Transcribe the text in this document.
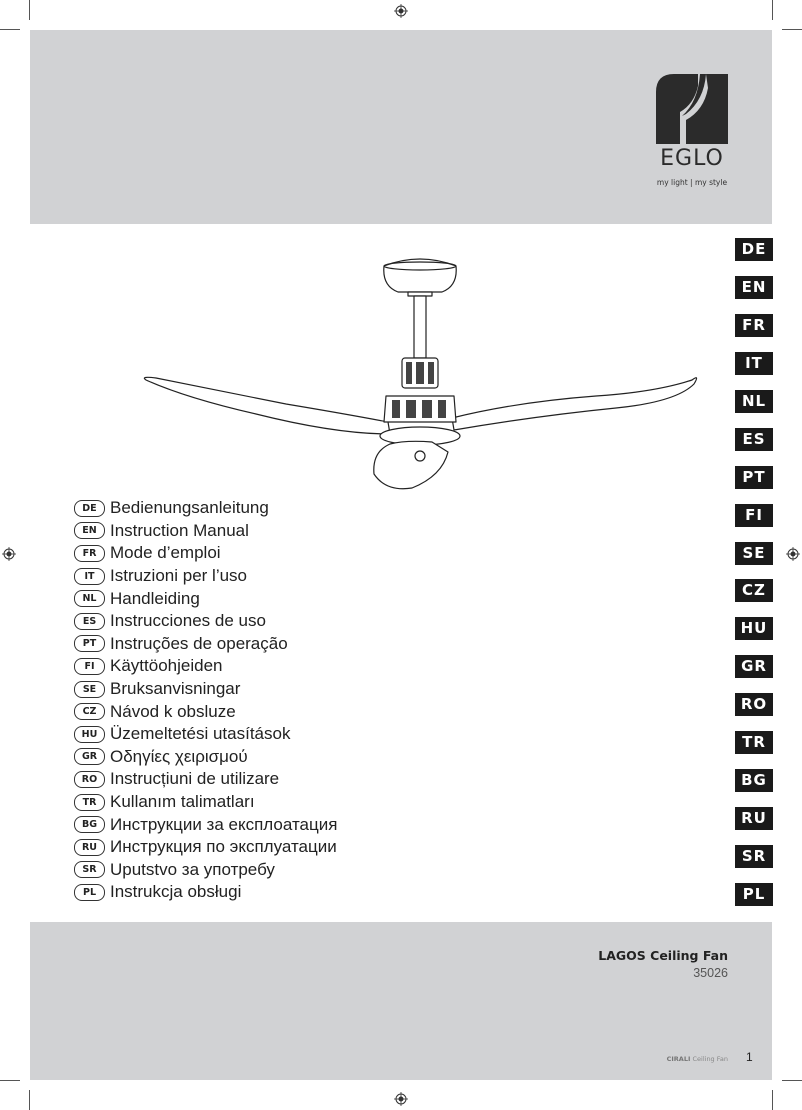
EGLO
my light | my style
DE Bedienungsanleitung
EN Instruction Manual
FR Mode d’emploi
IT Istruzioni per l’uso
NL Handleiding
ES Instrucciones de uso
PT Instruções de operação
FI Käyttöohjeiden
SE Bruksanvisningar
CZ Návod k obsluze
HU Üzemeltetési utasítások
GR Οδηγίες χειρισμού
RO Instrucțiuni de utilizare
TR Kullanım talimatları
BG Инструкции за експлоатация
RU Инструкция по эксплуатации
SR Uputstvo за употребу
PL Instrukcja obsługi
DE
EN
FR
IT
NL
ES
PT
FI
SE
CZ
HU
GR
RO
TR
BG
RU
SR
PL
LAGOS Ceiling Fan
35026
CIRALI Ceiling Fan 1
